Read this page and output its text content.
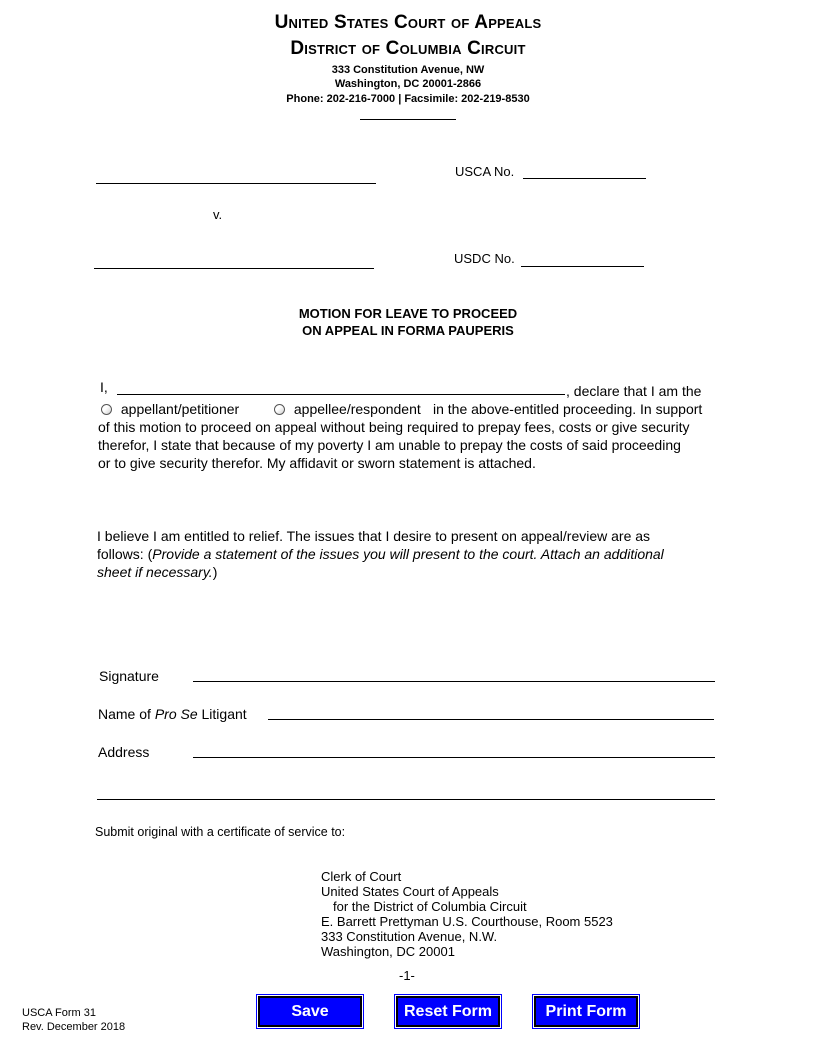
United States Court of Appeals
District of Columbia Circuit
333 Constitution Avenue, NW
Washington, DC 20001-2866
Phone: 202-216-7000 | Facsimile: 202-219-8530
USCA No.
v.
USDC No.
MOTION FOR LEAVE TO PROCEED
ON APPEAL IN FORMA PAUPERIS
I,	, declare that I am the
appellant/petitioner	appellee/respondent in the above-entitled proceeding. In support
of this motion to proceed on appeal without being required to prepay fees, costs or give security
therefor, I state that because of my poverty I am unable to prepay the costs of said proceeding
or to give security therefor. My affidavit or sworn statement is attached.
I believe I am entitled to relief. The issues that I desire to present on appeal/review are as
follows: (Provide a statement of the issues you will present to the court. Attach an additional
sheet if necessary.)
Signature
Name of Pro Se Litigant
Address
Submit original with a certificate of service to:
Clerk of Court
United States Court of Appeals
for the District of Columbia Circuit
E. Barrett Prettyman U.S. Courthouse, Room 5523
333 Constitution Avenue, N.W.
Washington, DC 20001
-1-
USCA Form 31
Rev. December 2018
Save	Reset Form	Print Form
